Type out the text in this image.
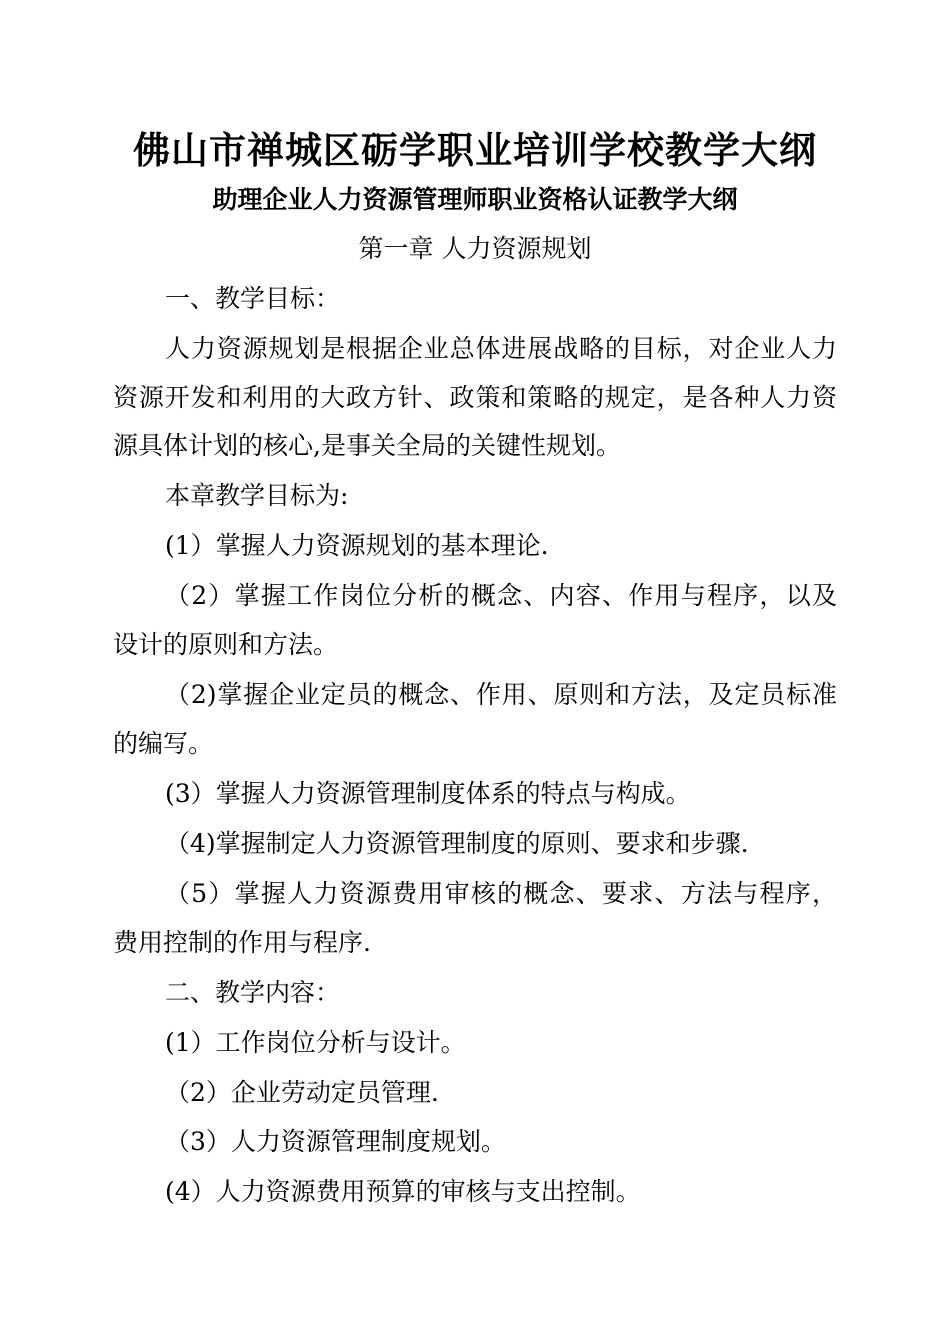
佛山市禅城区砺学职业培训学校教学大纲
助理企业人力资源管理师职业资格认证教学大纲
第一章 人力资源规划
一、教学目标：
人力资源规划是根据企业总体进展战略的目标，对企业人力
资源开发和利用的大政方针、政策和策略的规定，是各种人力资
源具体计划的核心,是事关全局的关键性规划。
本章教学目标为:
(1）掌握人力资源规划的基本理论.
（2）掌握工作岗位分析的概念、内容、作用与程序，以及
设计的原则和方法。
（2)掌握企业定员的概念、作用、原则和方法，及定员标准
的编写。
(3）掌握人力资源管理制度体系的特点与构成。
（4)掌握制定人力资源管理制度的原则、要求和步骤.
（5）掌握人力资源费用审核的概念、要求、方法与程序，
费用控制的作用与程序.
二、教学内容：
(1）工作岗位分析与设计。
（2）企业劳动定员管理.
（3）人力资源管理制度规划。
(4）人力资源费用预算的审核与支出控制。
